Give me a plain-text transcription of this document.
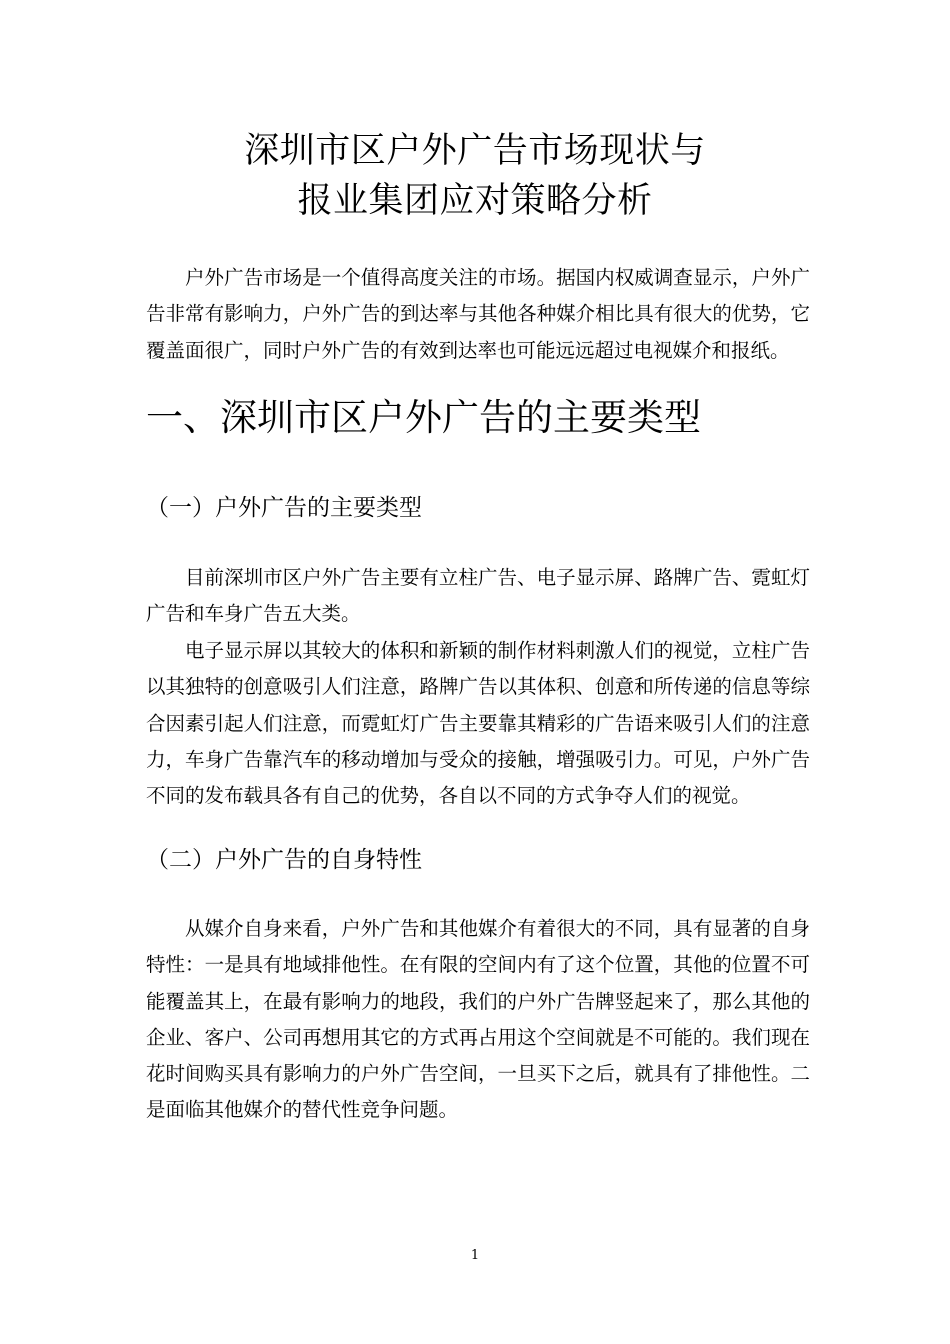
深圳市区户外广告市场现状与
报业集团应对策略分析

户外广告市场是一个值得高度关注的市场。据国内权威调查显示，户外广告非常有影响力，户外广告的到达率与其他各种媒介相比具有很大的优势，它覆盖面很广，同时户外广告的有效到达率也可能远远超过电视媒介和报纸。

一、深圳市区户外广告的主要类型
（一）户外广告的主要类型

目前深圳市区户外广告主要有立柱广告、电子显示屏、路牌广告、霓虹灯广告和车身广告五大类。

电子显示屏以其较大的体积和新颖的制作材料刺激人们的视觉，立柱广告以其独特的创意吸引人们注意，路牌广告以其体积、创意和所传递的信息等综合因素引起人们注意，而霓虹灯广告主要靠其精彩的广告语来吸引人们的注意力，车身广告靠汽车的移动增加与受众的接触，增强吸引力。可见，户外广告不同的发布载具各有自己的优势，各自以不同的方式争夺人们的视觉。

（二）户外广告的自身特性

从媒介自身来看，户外广告和其他媒介有着很大的不同，具有显著的自身特性：一是具有地域排他性。在有限的空间内有了这个位置，其他的位置不可能覆盖其上，在最有影响力的地段，我们的户外广告牌竖起来了，那么其他的企业、客户、公司再想用其它的方式再占用这个空间就是不可能的。我们现在花时间购买具有影响力的户外广告空间，一旦买下之后，就具有了排他性。二是面临其他媒介的替代性竞争问题。

1
